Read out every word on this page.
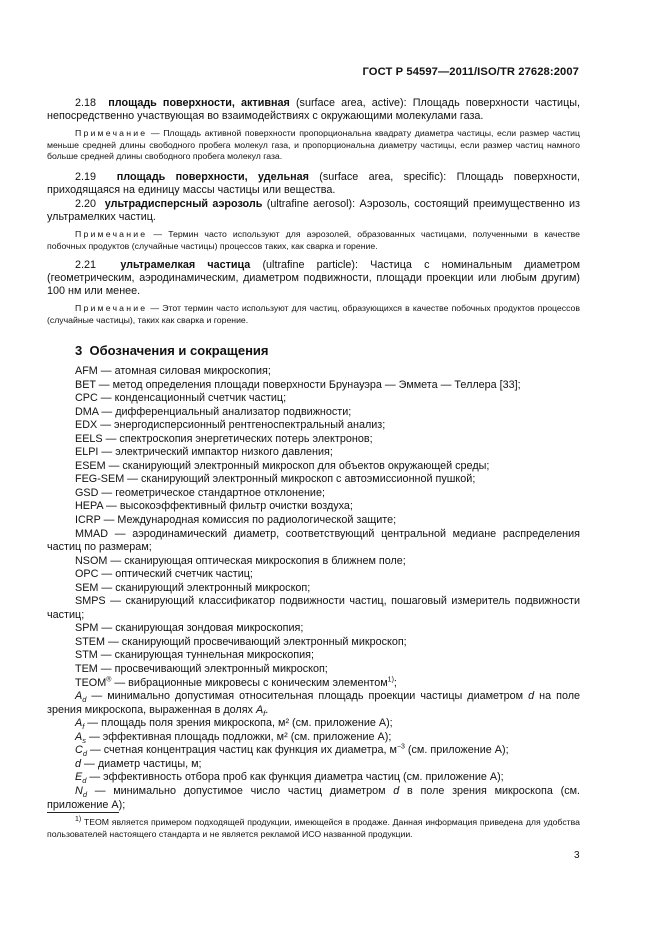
ГОСТ Р 54597—2011/ISO/TR 27628:2007
2.18 площадь поверхности, активная (surface area, active): Площадь поверхности частицы, непосредственно участвующая во взаимодействиях с окружающими молекулами газа.
Примечание — Площадь активной поверхности пропорциональна квадрату диаметра частицы, если размер частиц меньше средней длины свободного пробега молекул газа, и пропорциональна диаметру частицы, если размер частиц намного больше средней длины свободного пробега молекул газа.
2.19 площадь поверхности, удельная (surface area, specific): Площадь поверхности, приходящаяся на единицу массы частицы или вещества.
2.20 ультрадисперсный аэрозоль (ultrafine aerosol): Аэрозоль, состоящий преимущественно из ультрамелких частиц.
Примечание — Термин часто используют для аэрозолей, образованных частицами, полученными в качестве побочных продуктов (случайные частицы) процессов таких, как сварка и горение.
2.21 ультрамелкая частица (ultrafine particle): Частица с номинальным диаметром (геометрическим, аэродинамическим, диаметром подвижности, площади проекции или любым другим) 100 нм или менее.
Примечание — Этот термин часто используют для частиц, образующихся в качестве побочных продуктов процессов (случайные частицы), таких как сварка и горение.
3 Обозначения и сокращения
AFM — атомная силовая микроскопия;
BET — метод определения площади поверхности Брунауэра — Эммета — Теллера [33];
CPC — конденсационный счетчик частиц;
DMA — дифференциальный анализатор подвижности;
EDX — энергодисперсионный рентгеноспектральный анализ;
EELS — спектроскопия энергетических потерь электронов;
ELPI — электрический импактор низкого давления;
ESEM — сканирующий электронный микроскоп для объектов окружающей среды;
FEG-SEM — сканирующий электронный микроскоп с автоэмиссионной пушкой;
GSD — геометрическое стандартное отклонение;
HEPA — высокоэффективный фильтр очистки воздуха;
ICRP — Международная комиссия по радиологической защите;
MMAD — аэродинамический диаметр, соответствующий центральной медиане распределения частиц по размерам;
NSOM — сканирующая оптическая микроскопия в ближнем поле;
OPC — оптический счетчик частиц;
SEM — сканирующий электронный микроскоп;
SMPS — сканирующий классификатор подвижности частиц, пошаговый измеритель подвижности частиц;
SPM — сканирующая зондовая микроскопия;
STEM — сканирующий просвечивающий электронный микроскоп;
STM — сканирующая туннельная микроскопия;
TEM — просвечивающий электронный микроскоп;
TEOM® — вибрационные микровесы с коническим элементом$^{1)}$;
$A_d$ — минимально допустимая относительная площадь проекции частицы диаметром d на поле зрения микроскопа, выраженная в долях $A_f$.
$A_f$ — площадь поля зрения микроскопа, м² (см. приложение А);
$A_s$ — эффективная площадь подложки, м² (см. приложение А);
$C_d$ — счетная концентрация частиц как функция их диаметра, $м^{-3}$ (см. приложение А);
d — диаметр частицы, м;
$E_d$ — эффективность отбора проб как функция диаметра частиц (см. приложение А);
$N_d$ — минимально допустимое число частиц диаметром d в поле зрения микроскопа (см. приложение А);
$^{1)}$ TEOM является примером подходящей продукции, имеющейся в продаже. Данная информация приведена для удобства пользователей настоящего стандарта и не является рекламой ИСО названной продукции.
3
